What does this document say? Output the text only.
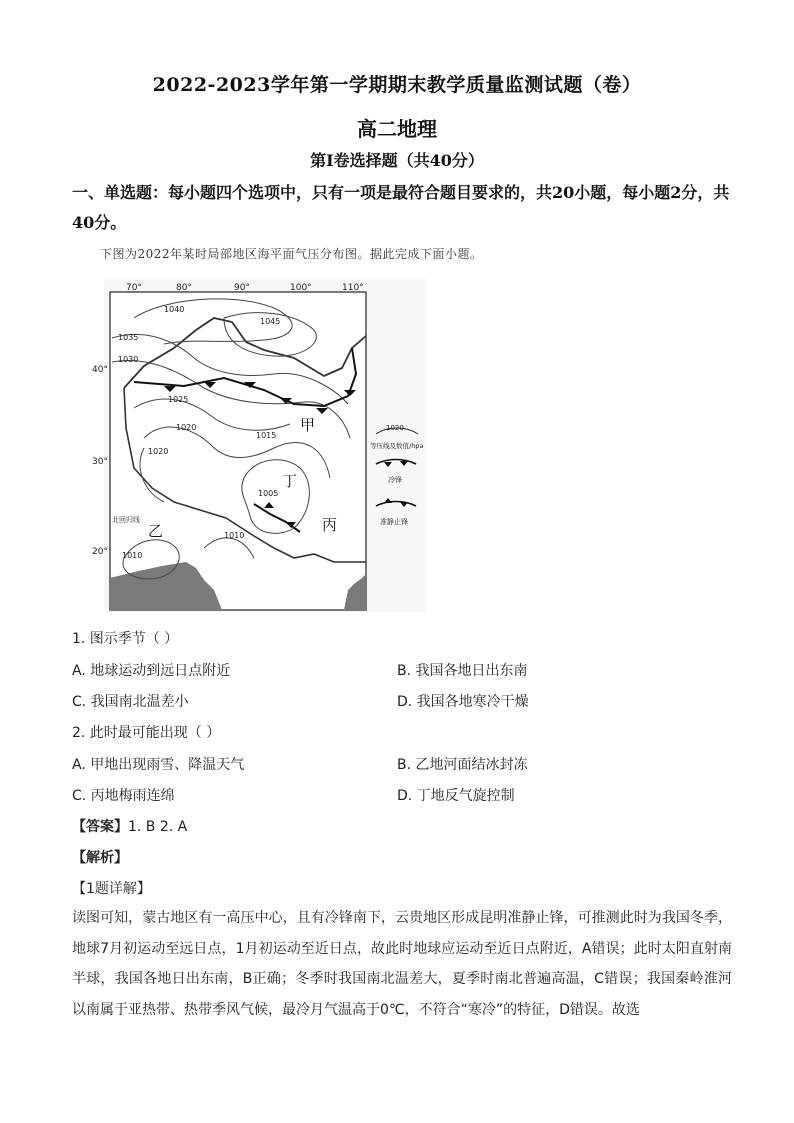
2022-2023学年第一学期期末教学质量监测试题（卷）
高二地理
第Ⅰ卷选择题（共40分）
一、单选题：每小题四个选项中，只有一项是最符合题目要求的，共20小题，每小题2分，共40分。
下图为2022年某时局部地区海平面气压分布图。据此完成下面小题。
70°	80°	90°	100°	110°
40°
30°
20°
1040
1045
1035
1030
1025
1020
1015
1020
1005
1010
1010
甲
乙	丙
丁
北回归线
1020
等压线及数值/hpa
冷锋
准静止锋
1. 图示季节（ ）
A. 地球运动到远日点附近	B. 我国各地日出东南
C. 我国南北温差小	D. 我国各地寒冷干燥
2. 此时最可能出现（ ）
A. 甲地出现雨雪、降温天气	B. 乙地河面结冰封冻
C. 丙地梅雨连绵	D. 丁地反气旋控制
【答案】1. B 2. A
【解析】
【1题详解】
读图可知，蒙古地区有一高压中心，且有冷锋南下，云贵地区形成昆明准静止锋，可推测此时为我国冬季，地球7月初运动至远日点，1月初运动至近日点，故此时地球应运动至近日点附近，A错误；此时太阳直射南半球，我国各地日出东南，B正确；冬季时我国南北温差大，夏季时南北普遍高温，C错误；我国秦岭淮河以南属于亚热带、热带季风气候，最冷月气温高于0℃，不符合“寒冷”的特征，D错误。故选
